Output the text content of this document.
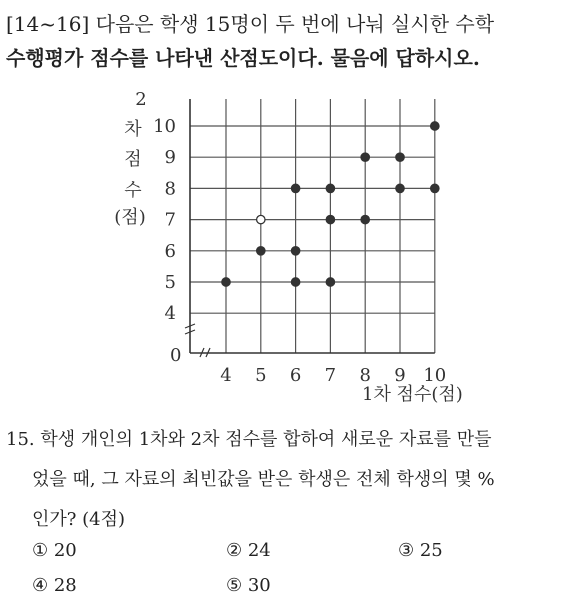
[14~16] 다음은 학생 15명이 두 번에 나눠 실시한 수학
수행평가 점수를 나타낸 산점도이다. 물음에 답하시오.
2
차
점
수
(점)
4 5 6 7 8 9 10
4
5
6
7
8
9
10
1차 점수(점)
0
15. 학생 개인의 1차와 2차 점수를 합하여 새로운 자료를 만들
었을 때, 그 자료의 최빈값을 받은 학생은 전체 학생의 몇 %
인가? (4점)
① 20	② 24	③ 25
④ 28	⑤ 30
